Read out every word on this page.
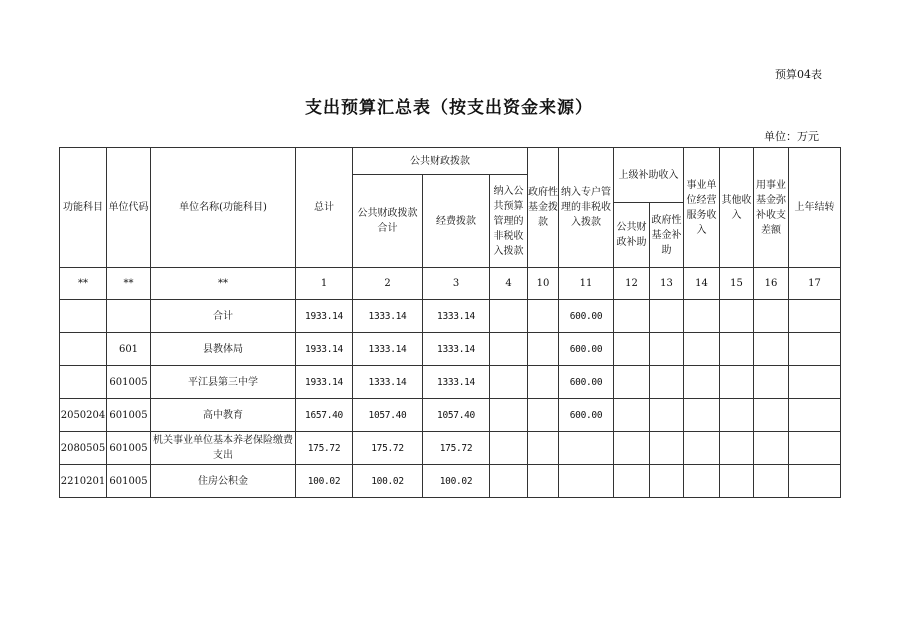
预算04表
支出预算汇总表（按支出资金来源）
单位：万元
功能科目	单位代码	单位名称(功能科目)	总计	公共财政拨款			政府性基金拨款	纳入专户管理的非税收入拨款	上级补助收入		事业单位经营服务收入	其他收入	用事业基金弥补收支差额	上年结转
				公共财政拨款合计	经费拨款	纳入公共预算管理的非税收入拨款								
									公共财政补助	政府性基金补助				
**	**	**	1	2	3	4	10	11	12	13	14	15	16	17
		合计	1933.14	1333.14	1333.14			600.00						
	601	县教体局	1933.14	1333.14	1333.14			600.00						
	601005	平江县第三中学	1933.14	1333.14	1333.14			600.00						
2050204	601005	高中教育	1657.40	1057.40	1057.40			600.00						
2080505	601005	机关事业单位基本养老保险缴费支出	175.72	175.72	175.72									
2210201	601005	住房公积金	100.02	100.02	100.02									
